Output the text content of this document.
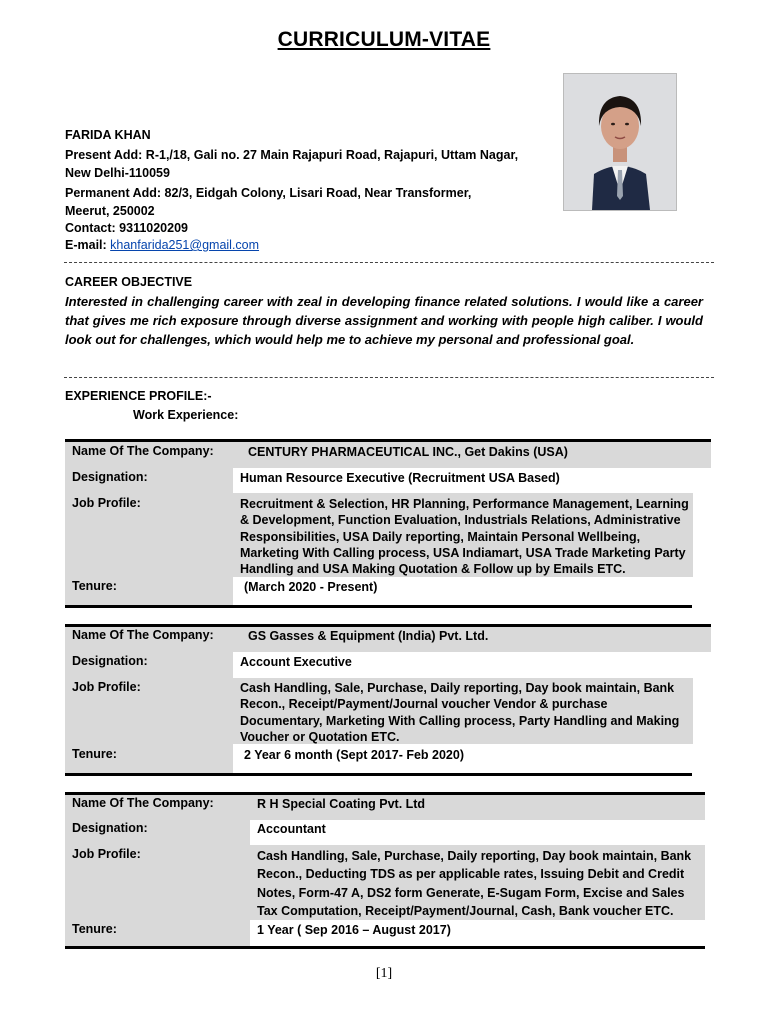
CURRICULUM-VITAE
FARIDA KHAN
Present Add: R-1,/18, Gali no. 27 Main Rajapuri Road, Rajapuri, Uttam Nagar,
New Delhi-110059
Permanent Add: 82/3, Eidgah Colony, Lisari Road, Near Transformer,
Meerut, 250002
Contact: 9311020209
E-mail: khanfarida251@gmail.com
CAREER OBJECTIVE
Interested in challenging career with zeal in developing finance related solutions. I would like a career that gives me rich exposure through diverse assignment and working with people high caliber. I would look out for challenges, which would help me to achieve my personal and professional goal.
EXPERIENCE PROFILE:-
Work Experience:
Name Of The Company:	CENTURY PHARMACEUTICAL INC., Get Dakins (USA)
Designation:	Human Resource Executive (Recruitment USA Based)
Job Profile:	Recruitment & Selection, HR Planning, Performance Management, Learning & Development, Function Evaluation, Industrials Relations, Administrative Responsibilities, USA Daily reporting, Maintain Personal Wellbeing, Marketing With Calling process, USA Indiamart, USA Trade Marketing Party Handling and USA Making Quotation & Follow up by Emails ETC.
Tenure:	(March 2020 - Present)
Name Of The Company:	GS Gasses & Equipment (India) Pvt. Ltd.
Designation:	Account Executive
Job Profile:	Cash Handling, Sale, Purchase, Daily reporting, Day book maintain, Bank Recon., Receipt/Payment/Journal voucher Vendor & purchase Documentary, Marketing With Calling process, Party Handling and Making Voucher or Quotation ETC.
Tenure:	2 Year 6 month (Sept 2017- Feb 2020)
Name Of The Company:	R H Special Coating Pvt. Ltd
Designation:	Accountant
Job Profile:	Cash Handling, Sale, Purchase, Daily reporting, Day book maintain, Bank Recon., Deducting TDS as per applicable rates, Issuing Debit and Credit Notes, Form-47 A, DS2 form Generate, E-Sugam Form, Excise and Sales Tax Computation, Receipt/Payment/Journal, Cash, Bank voucher ETC.
Tenure:	1 Year ( Sep 2016 – August 2017)
[1]
